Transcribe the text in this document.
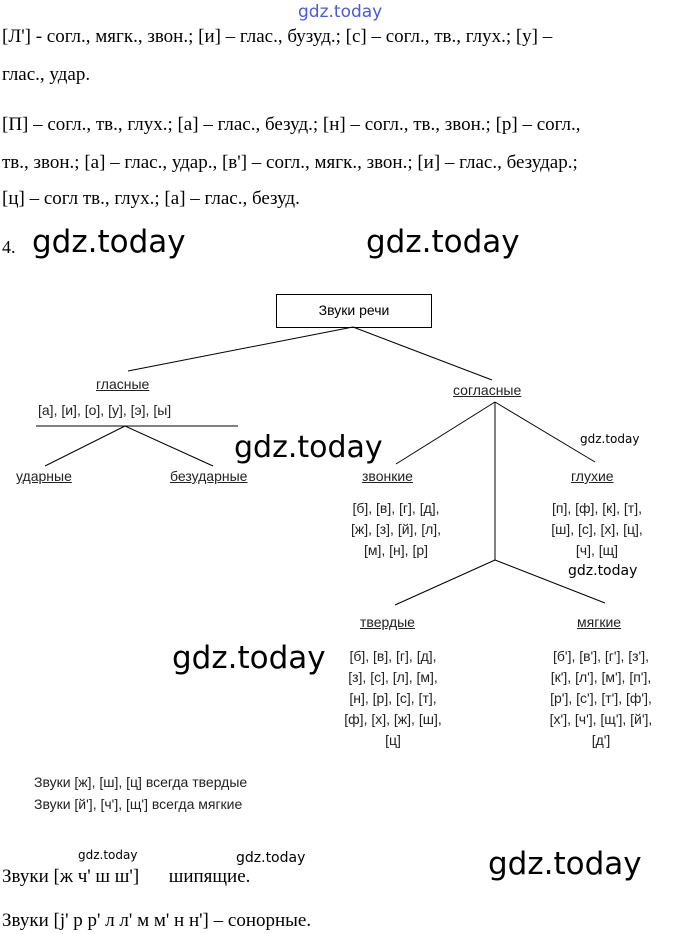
gdz.today
[Л'] - согл., мягк., звон.; [и] – глас., бузуд.; [с] – согл., тв., глух.; [у] –
глас., удар.
[П] – согл., тв., глух.; [а] – глас., безуд.; [н] – согл., тв., звон.; [р] – согл.,
тв., звон.; [а] – глас., удар., [в'] – согл., мягк., звон.; [и] – глас., безудар.;
[ц] – согл тв., глух.; [а] – глас., безуд.
4. gdz.today	gdz.today
Звуки речи
гласные
[а], [и], [о], [у], [э], [ы]
ударные	безударные
согласные
звонкие	глухие
[б], [в], [г], [д],
[ж], [з], [й], [л],
[м], [н], [р]
[п], [ф], [к], [т],
[ш], [с], [х], [ц],
[ч], [щ]
твердые	мягкие
[б], [в], [г], [д],
[з], [с], [л], [м],
[н], [р], [с], [т],
[ф], [х], [ж], [ш],
[ц]
[б'], [в'], [г'], [з'],
[к'], [л'], [м'], [п'],
[р'], [с'], [т'], [ф'],
[х'], [ч'], [щ'], [й'],
[д']
gdz.today	gdz.today
gdz.today
gdz.today
Звуки [ж], [ш], [ц] всегда твердые
Звуки [й'], [ч'], [щ'] всегда мягкие
gdz.today	gdz.today
Звуки [ж ч' ш ш'] шипящие.	gdz.today
Звуки [j' р р' л л' м м' н н'] – сонорные.
